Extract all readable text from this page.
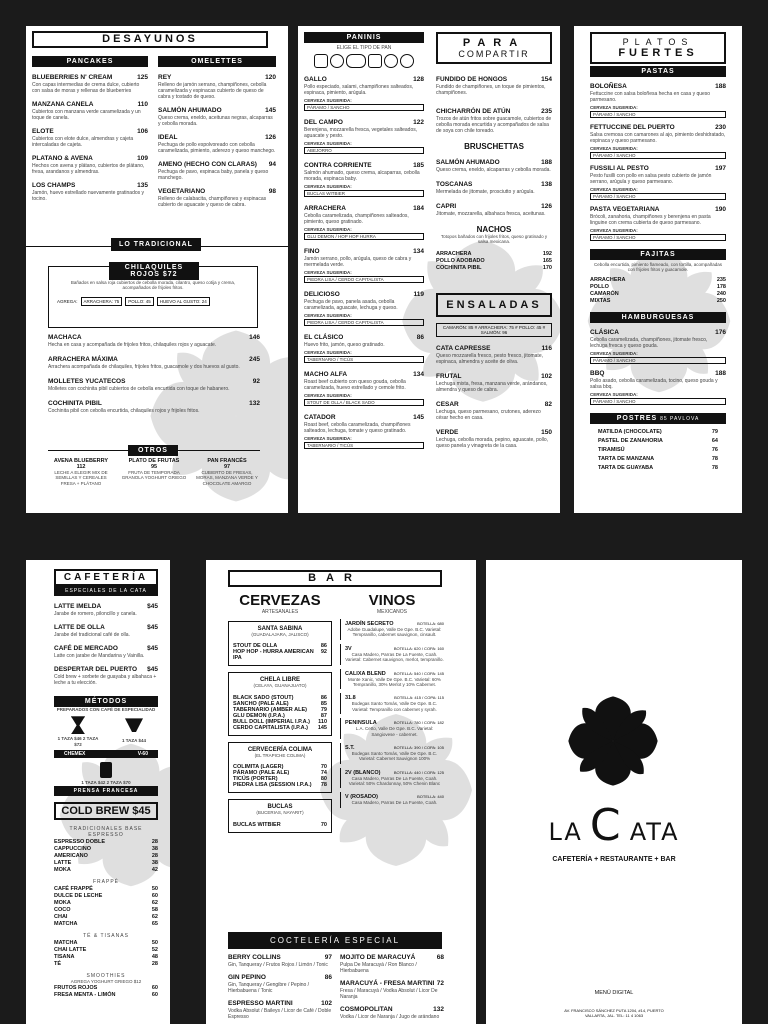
DESAYUNOS
PANCAKES
BLUEBERRIES N' CREAM	125
Con capas intermedias de crema dulce, cubierto con salsa de moras y rellenas de blueberries
MANZANA CANELA	110
Cubiertos con manzana verde caramelizada y un toque de canela.
ELOTE	106
Cubiertos con elote dulce, almendras y cajeta intercaladas de cajeta.
PLATANO & AVENA	109
Hechos con avena y plátano, cubiertos de plátano, fresa, arandanos y almendras.
LOS CHAMPS	135
Jamón, huevo estrellado nuevamente gratinados y tocino.
OMELETTES
REY	120
Relleno de jamón serrano, champiñones, cebolla caramelizada y espinacas cubierto de queso de cabra y tostado de queso.
SALMÓN AHUMADO	145
Queso crema, eneldo, aceitunas negras, alcaparras y cebolla morada.
IDEAL	126
Pechuga de pollo espolvoreado con cebolla caramelizada, pimiento, aderezo y queso manchego.
AMENO (HECHO CON CLARAS) 94
Pechuga de pavo, espinaca baby, panela y queso manchego.
VEGETARIANO	98
Relleno de calabacita, champiñones y espinacas cubierto de aguacate y queso de cabra.
LO TRADICIONAL
CHILAQUILES ROJOS $72
Bañados en salsa roja cubiertos de cebolla morada, cilantro, queso cotija y crema, acompañados de frijoles fritos.
AGREGA:	ARRACHERA: 75	POLLO: 45	HUEVO AL GUSTO: 24
MACHACA	146
Hecha en casa y acompañada de frijoles fritos, chilaquiles rojos y aguacate.
ARRACHERA MÁXIMA	245
Arrachera acompañada de chilaquiles, frijoles fritos, guacamole y dos huevos al gusto.
MOLLETES YUCATECOS	92
Molletes con cochinita pibil cubiertos de cebolla encurtida con toque de habanero.
COCHINITA PIBIL	132
Cochinita pibil con cebolla encurtida, chilaquiles rojos y frijoles fritos.
OTROS
AVENA BLUEBERRY
112
LECHE A ELEGIR MIX DE SEMILLAS Y CEREALES FRESA + PLÁTANO
PLATO DE FRUTAS
95
FRUTA DE TEMPORADA GRANOLA YOGHURT GRIEGO
PAN FRANCÉS
97
CUBIERTO DE FRESAS, MORAS, MANZANA VERDE Y CHOCOLATE AMARGO
PANINIS
ELIGE EL TIPO DE PAN
GALLO	128
Pollo especiado, salami, champiñones salteados, espinaca, pimiento, arúgula.
CERVEZA SUGERIDA:
PÁRAMO / SANCHO
DEL CAMPO	122
Berenjena, mozzarella fresca, vegetales salteados, aguacate y pesto.
CERVEZA SUGERIDA:
ABEJORRO
CONTRA CORRIENTE	185
Salmón ahumado, queso crema, alcaparras, cebolla morada, espinaca baby.
CERVEZA SUGERIDA:
BUCLAS WITBIER
ARRACHERA	184
Cebolla caramelizada, champiñones salteados, pimiento, queso gratinado.
CERVEZA SUGERIDA:
GLU DEMON / HOP HOP HURRA
FINO	134
Jamón serrano, pollo, arúgula, queso de cabra y mermelada verde.
CERVEZA SUGERIDA:
PIEDRA LISA / CERDO CAPITALISTA
DELICIOSO	119
Pechuga de pavo, panela asada, cebolla caramelizada, aguacate, lechuga y queso.
CERVEZA SUGERIDA:
PIEDRA LISA / CERDO CAPITALISTA
EL CLÁSICO	86
Huevo frito, jamón, queso gratinado.
CERVEZA SUGERIDA:
TABERNARIO / TICÚS
MACHO ALFA	134
Roast beef cubierto con queso gouda, cebolla caramelizada, huevo estrellado y cemole frito.
CERVEZA SUGERIDA:
STOUT DE OLLA / BLACK SADO
CATADOR	145
Roast beef, cebolla caramelizada, champiñones salteados, lechuga, tomate y queso gratinado.
CERVEZA SUGERIDA:
TABERNARIO / TICÚS
PARA
COMPARTIR
FUNDIDO DE HONGOS	154
Fundido de champiñones, un toque de pimientos, champiñones.
CHICHARRÓN DE ATÚN	235
Trozos de atún fritos sobre guacamole, cubiertos de cebolla morada encurtida y acompañados de salsa de soya con chile toreado.
BRUSCHETTAS
SALMÓN AHUMADO	188
Queso crema, eneldo, alcaparras y cebolla morada.
TOSCANAS	138
Mermelada de jitomate, prosciutto y arúgula.
CAPRI	126
Jitomate, mozzarella, albahaca fresca, aceitunas.
NACHOS
Totopos bañados con frijoles fritos, queso gratinado y salsa mexicana.
ARRACHERA	192
POLLO ADOBADO	165
COCHINITA PIBIL	170
ENSALADAS
CAMARÓN: 85 # ARRACHERA: 75 # POLLO: 45 # SALMÓN: 96
CATA CAPRESSE	116
Queso mozzarella fresco, pesto fresco, jitomate, espinaca, almendra y aceite de oliva.
FRUTAL	102
Lechuga mixta, fresa, manzana verde, arándanos, almendra y queso de cabra.
CESAR	82
Lechuga, queso parmesano, crutones, aderezo césar hecho en casa.
VERDE	150
Lechuga, cebolla morada, pepino, aguacate, pollo, queso panela y vinagreta de la casa.
PLATOS
FUERTES
PASTAS
BOLOÑESA	188
Fettuccine con salsa boloñesa hecha en casa y queso parmesano.
CERVEZA SUGERIDA:
PÁRAMO / SANCHO
FETTUCCINE DEL PUERTO	230
Salsa cremosa con camarones al ajo, pimiento deshidratado, espinaca y queso parmesano.
CERVEZA SUGERIDA:
PÁRAMO / SANCHO
FUSSILI AL PESTO	197
Pesto fusilli con pollo en salsa pesto cubierto de jamón serrano, arúgula y queso parmesano.
CERVEZA SUGERIDA:
PÁRAMO / SANCHO
PASTA VEGETARIANA	190
Brócoli, zanahoria, champiñones y berenjena en pasta linguine con crema cubierta de queso parmesano.
CERVEZA SUGERIDA:
PÁRAMO / SANCHO
FAJITAS
Cebolla encurtida, pimiento flameado, con tortilla, acompañadas con frijoles fritos y guacamole.
ARRACHERA	235
POLLO	178
CAMARÓN	240
MIXTAS	250
HAMBURGUESAS
CLÁSICA	176
Cebolla caramelizada, champiñones, jitomate fresco, lechuga fresca y queso gouda.
CERVEZA SUGERIDA:
PÁRAMO / SANCHO
BBQ	188
Pollo asado, cebolla caramelizada, tocino, queso gouda y salsa bbq.
CERVEZA SUGERIDA:
PÁRAMO / SANCHO
POSTRES 85 PAVLOVA
MATILDA (CHOCOLATE)	79
PASTEL DE ZANAHORIA	64
TIRAMISÚ	76
TARTA DE MANZANA	78
TARTA DE GUAYABA	78
CAFETERÍA
ESPECIALES DE LA CATA
LATTE IMELDA	$45
Jarabe de romero, piloncillo y canela.
LATTE DE OLLA	$45
Jarabe del tradicional café de olla.
CAFÉ DE MERCADO	$45
Latte con jarabe de Mandarina y Vainilla.
DESPERTAR DEL PUERTO $45
Cold brew + sorbete de guayaba y albahaca + leche a tu elección.
MÉTODOS
PREPARADOS CON CAFÉ DE ESPECIALIDAD
1 TAZA $46 2 TAZA $72
1 TAZA $44
CHEMEX	V-60
1 TAZA $42 2 TAZA $70
PRENSA FRANCESA
COLD BREW $45
TRADICIONALES BASE ESPRESSO
ESPRESSO DOBLE	28
CAPPUCCINO	38
AMERICANO	28
LATTE	38
MOKA	42
FRAPPÉ
CAFÉ FRAPPÉ	50
DULCE DE LECHE	60
MOKA	62
COCO	58
CHAI	62
MATCHA	65
TÉ & TISANAS
MATCHA	50
CHAI LATTE	52
TISANA	48
TÉ	28
SMOOTHIES
AGREGA YOGHURT GRIEGO $12
FRUTOS ROJOS	60
FRESA MENTA - LIMÓN	60
BAR
CERVEZAS
ARTESANALES
SANTA SABINA
(GUADALAJARA, JALISCO)
STOUT DE OLLA	86
HOP HOP - HURRA AMERICAN IPA
92
CHELA LIBRE
(CELAYA, GUANAJUATO)
BLACK SADO (STOUT)	86
SANCHO (PALE ALE)	85
TABERNARIO (AMBER ALE)	79
GLU DEMON (I.P.A.)	87
BULL DOLL (IMPERIAL I.P.A.) 110
CERDO CAPITALISTA (I.P.A.) 145
CERVECERÍA COLIMA
(EL TRAPICHE COLIMA)
COLIMITA (LAGER)	70
PÁRAMO (PALE ALE)	74
TICÚS (PORTER)	80
PIEDRA LISA (SESSION I.P.A.) 78
BUCLAS
(BUCERIAS, NAYARIT)
BUCLAS WITBIER	70
VINOS
MEXICANOS
JARDÍN SECRETO	BOTELLA: 680
Adobe Guadalupe, Valle De Gpe. B.C. Varietal: Tempranillo, cabernet sauvignon, cinsault.
3V	BOTELLA: 620 / COPA: 160
Casa Madero, Parras De La Fuente, Coah. Varietal: Cabernet sauvignon, merlot, tempranillo.
CALIXA BLEND BOTELLA: 540 / COPA: 145
Monte Xanic, Valle De Gpe. B.C. Varietal: 60% Tempranillo, 30% Merlot y 10% Cabernet.
31.8	BOTELLA: 415 / COPA: 115
Bodegas Santo Tomás, Valle De Gpe. B.C. Varietal: Tempranillo con cabernet y syrah.
PENINSULA	BOTELLA: 780 / COPA: 182
L.A. Cetto, Valle De Gpe. B.C. Varietal: Sangiovese - cabernet.
S.T.	BOTELLA: 390 / COPA: 105
Bodegas Santo Tomás, Valle De Gpe. B.C. Varietal: Cabernet Sauvignon 100%
2V (BLANCO)	BOTELLA: 440 / COPA: 125
Casa Madero, Parras De La Fuente, Coah. Varietal: 50% Chardonnay, 50% Chenin Blanc
V (ROSADO)	BOTELLA: 440
Casa Madero, Parras De La Fuente, Coah.
COCTELERÍA ESPECIAL
BERRY COLLINS	97
Gin, Tanqueray / Frutos Rojos / Limón / Tonic
GIN PEPINO	86
Gin, Tanqueray / Gengibre / Pepino / Hierbabuena / Tonic
ESPRESSO MARTINI	102
Vodka Absolut / Baileys / Licor de Café / Doble Espresso
MOJITO DE MARACUYÁ	68
Pulpa De Maracuyá / Ron Blanco / Hierbabuena
MARACUYÁ - FRESA MARTINI 72
Fresa / Maracuyá / Vodka Absolut / Licor De Naranja
COSMOPOLITAN	132
Vodka / Licor de Naranja / Jugo de arándano
LA C ATA
CAFETERÍA + RESTAURANTE + BAR
MENÚ DIGITAL
AV. FRANCISCO SÁNCHEZ PUTA 1204, #14, PUERTO VALLARTA, JAL. TEL: 11 4 1063
